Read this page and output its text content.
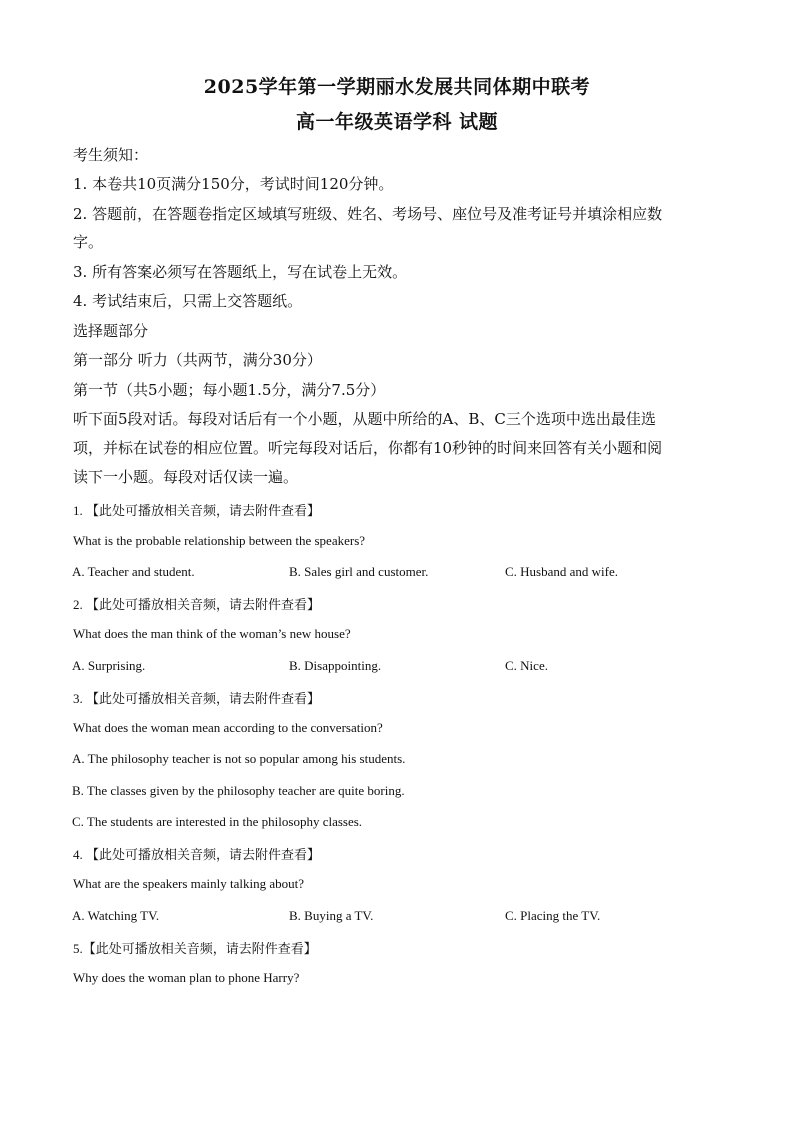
2025学年第一学期丽水发展共同体期中联考
高一年级英语学科 试题
考生须知：
1. 本卷共10页满分150分，考试时间120分钟。
2. 答题前，在答题卷指定区域填写班级、姓名、考场号、座位号及准考证号并填涂相应数
字。
3. 所有答案必须写在答题纸上，写在试卷上无效。
4. 考试结束后，只需上交答题纸。
选择题部分
第一部分 听力（共两节，满分30分）
第一节（共5小题；每小题1.5分，满分7.5分）
听下面5段对话。每段对话后有一个小题，从题中所给的A、B、C三个选项中选出最佳选
项，并标在试卷的相应位置。听完每段对话后，你都有10秒钟的时间来回答有关小题和阅
读下一小题。每段对话仅读一遍。
1. 【此处可播放相关音频，请去附件查看】
What is the probable relationship between the speakers?
A. Teacher and student.	B. Sales girl and customer.	C. Husband and wife.
2. 【此处可播放相关音频，请去附件查看】
What does the man think of the woman’s new house?
A. Surprising.	B. Disappointing.	C. Nice.
3. 【此处可播放相关音频，请去附件查看】
What does the woman mean according to the conversation?
A. The philosophy teacher is not so popular among his students.
B. The classes given by the philosophy teacher are quite boring.
C. The students are interested in the philosophy classes.
4. 【此处可播放相关音频，请去附件查看】
What are the speakers mainly talking about?
A. Watching TV.	B. Buying a TV.	C. Placing the TV.
5.【此处可播放相关音频，请去附件查看】
Why does the woman plan to phone Harry?
